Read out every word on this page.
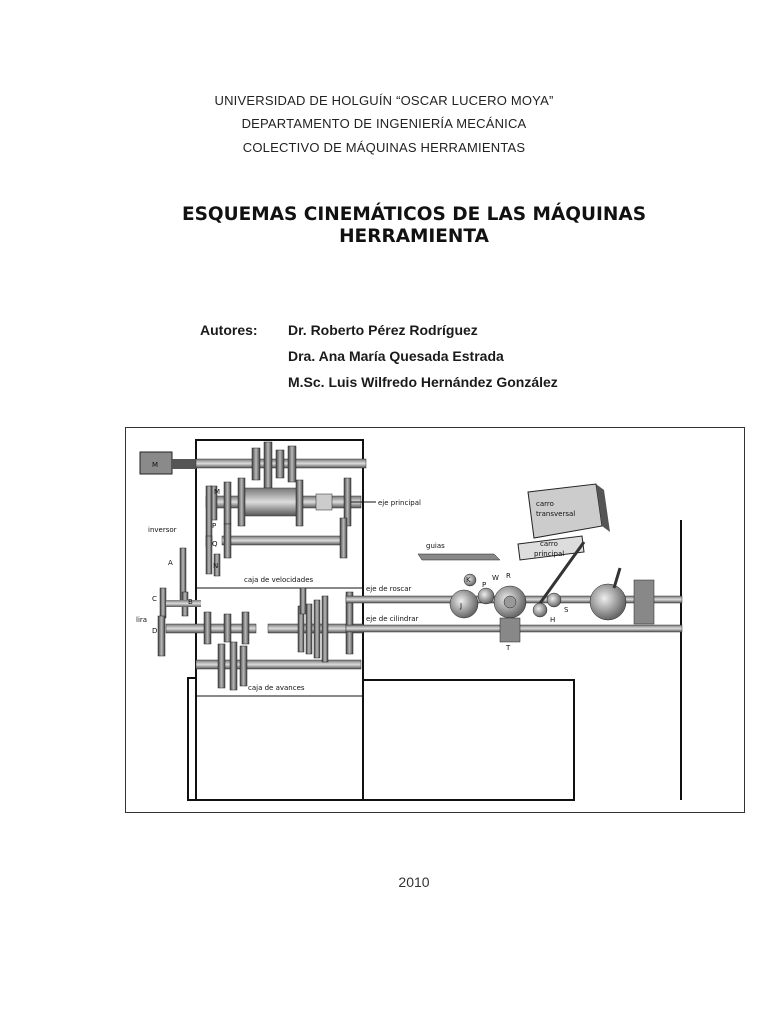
UNIVERSIDAD DE HOLGUÍN “OSCAR LUCERO MOYA”
DEPARTAMENTO DE INGENIERÍA MECÁNICA
COLECTIVO DE MÁQUINAS HERRAMIENTAS
ESQUEMAS CINEMÁTICOS DE LAS MÁQUINAS
HERRAMIENTA
Autores: Dr. Roberto Pérez Rodríguez
Dra. Ana María Quesada Estrada
M.Sc. Luis Wilfredo Hernández González
M
eje principal
inversor
M
P
Q
N
A
caja de velocidades
C	B
lira
D
caja de avances
eje de roscar
eje de cilindrar
guias
carro
transversal
carro
principal
K
P
W R
J	S
H
T
2010
